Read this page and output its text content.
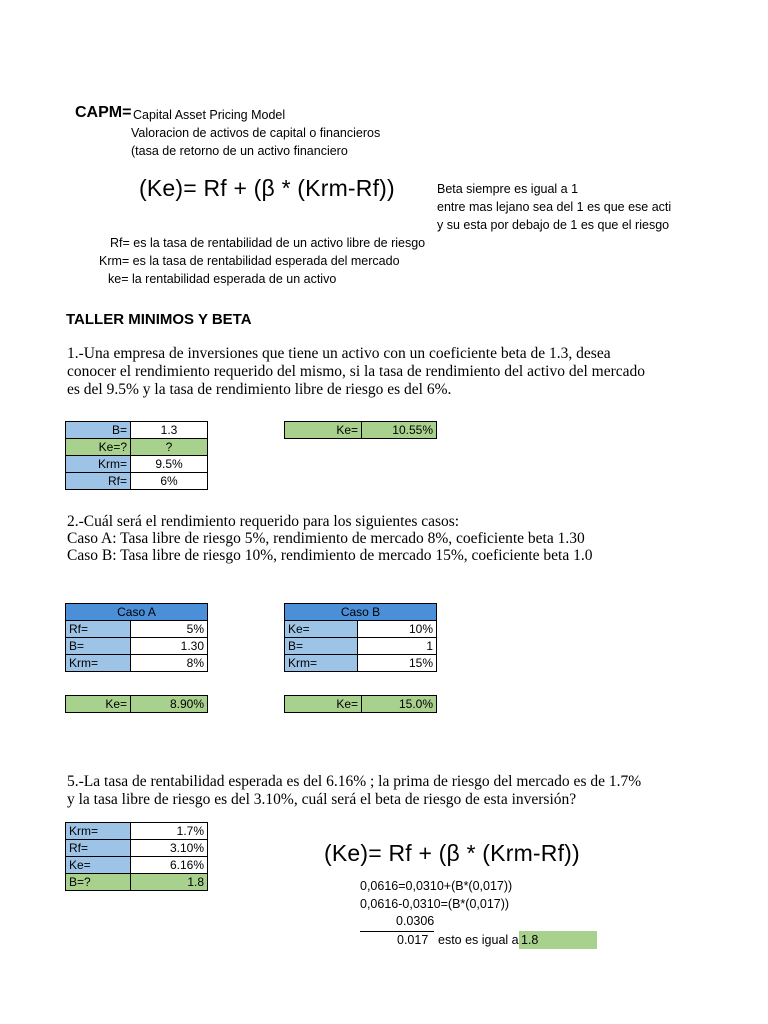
CAPM= Capital Asset Pricing Model
Valoracion de activos de capital o financieros
(tasa de retorno de un activo financiero
(Ke)= Rf + (β * (Krm-Rf))	Beta siempre es igual a 1
entre mas lejano sea del 1 es que ese acti
y su esta por debajo de 1 es que el riesgo
Rf= es la tasa de rentabilidad de un activo libre de riesgo
Krm= es la tasa de rentabilidad esperada del mercado
ke= la rentabilidad esperada de un activo
TALLER MINIMOS Y BETA
1.-Una empresa de inversiones que tiene un activo con un coeficiente beta de 1.3, desea
conocer el rendimiento requerido del mismo, si la tasa de rendimiento del activo del mercado
es del 9.5% y la tasa de rendimiento libre de riesgo es del 6%.
B=	1.3
Ke=?	?
Krm=	9.5%
Rf=	6%
Ke=	10.55%
2.-Cuál será el rendimiento requerido para los siguientes casos:
Caso A: Tasa libre de riesgo 5%, rendimiento de mercado 8%, coeficiente beta 1.30
Caso B: Tasa libre de riesgo 10%, rendimiento de mercado 15%, coeficiente beta 1.0
Caso A	
Rf=	5%
B=	1.30
Krm=	8%
Caso B	
Ke=	10%
B=	1
Krm=	15%
Ke=	8.90%	Ke=	15.0%
5.-La tasa de rentabilidad esperada es del 6.16% ; la prima de riesgo del mercado es de 1.7%
y la tasa libre de riesgo es del 3.10%, cuál será el beta de riesgo de esta inversión?
Krm=	1.7%
Rf=	3.10%
Ke=	6.16%
B=?	1.8
(Ke)= Rf + (β * (Krm-Rf))
0,0616=0,0310+(B*(0,017))
0,0616-0,0310=(B*(0,017))
0.0306
0.017 esto es igual a 1.8
